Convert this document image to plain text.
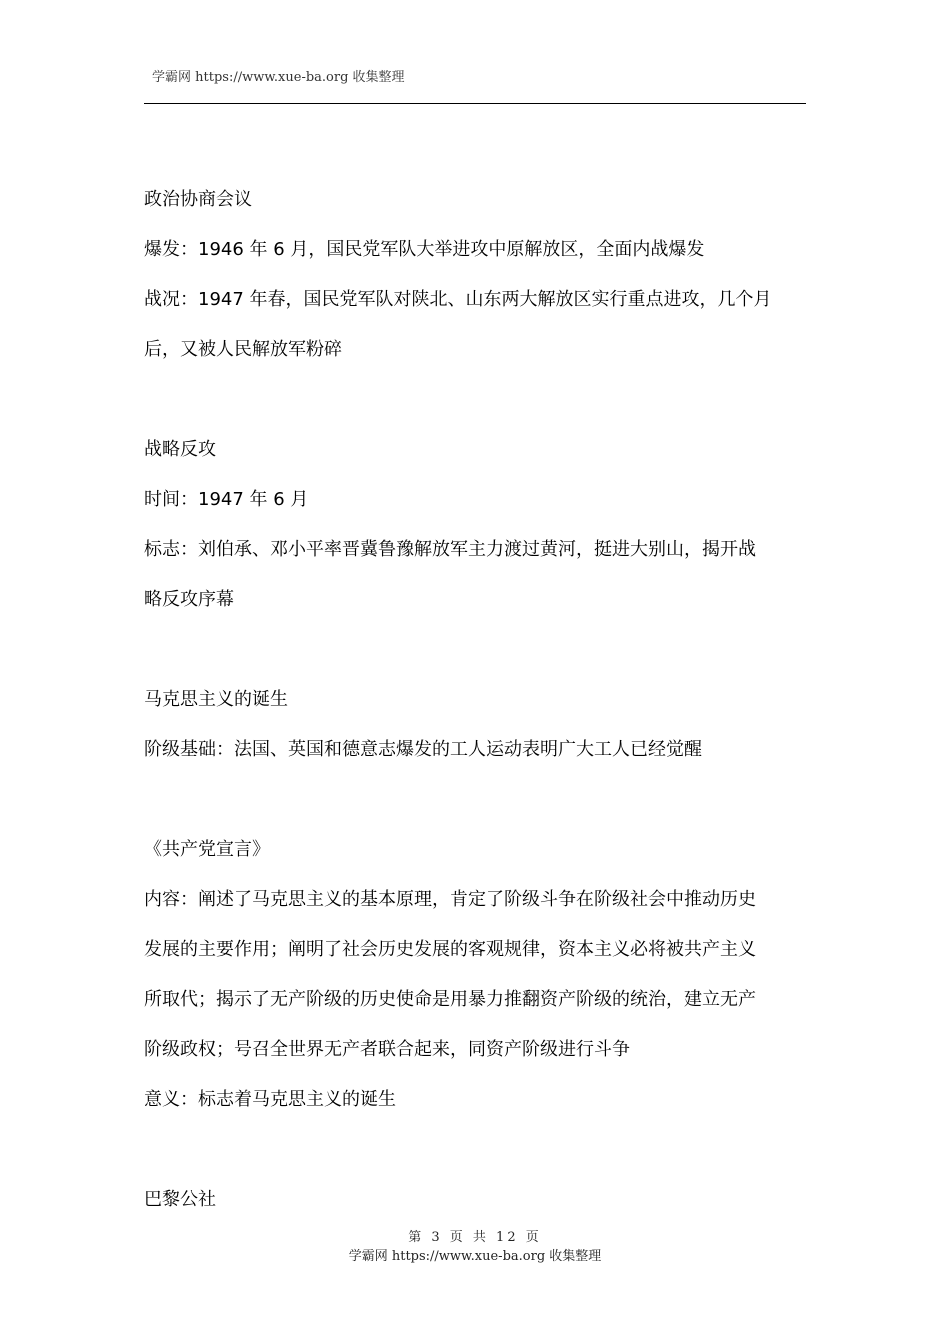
学霸网 https://www.xue-ba.org 收集整理
政治协商会议
爆发：1946 年 6 月，国民党军队大举进攻中原解放区，全面内战爆发
战况：1947 年春，国民党军队对陕北、山东两大解放区实行重点进攻，几个月
后，又被人民解放军粉碎
战略反攻
时间：1947 年 6 月
标志：刘伯承、邓小平率晋冀鲁豫解放军主力渡过黄河，挺进大别山，揭开战
略反攻序幕
马克思主义的诞生
阶级基础：法国、英国和德意志爆发的工人运动表明广大工人已经觉醒
《共产党宣言》
内容：阐述了马克思主义的基本原理，肯定了阶级斗争在阶级社会中推动历史
发展的主要作用；阐明了社会历史发展的客观规律，资本主义必将被共产主义
所取代；揭示了无产阶级的历史使命是用暴力推翻资产阶级的统治，建立无产
阶级政权；号召全世界无产者联合起来，同资产阶级进行斗争
意义：标志着马克思主义的诞生
巴黎公社
第 3 页 共 12 页
学霸网 https://www.xue-ba.org 收集整理
